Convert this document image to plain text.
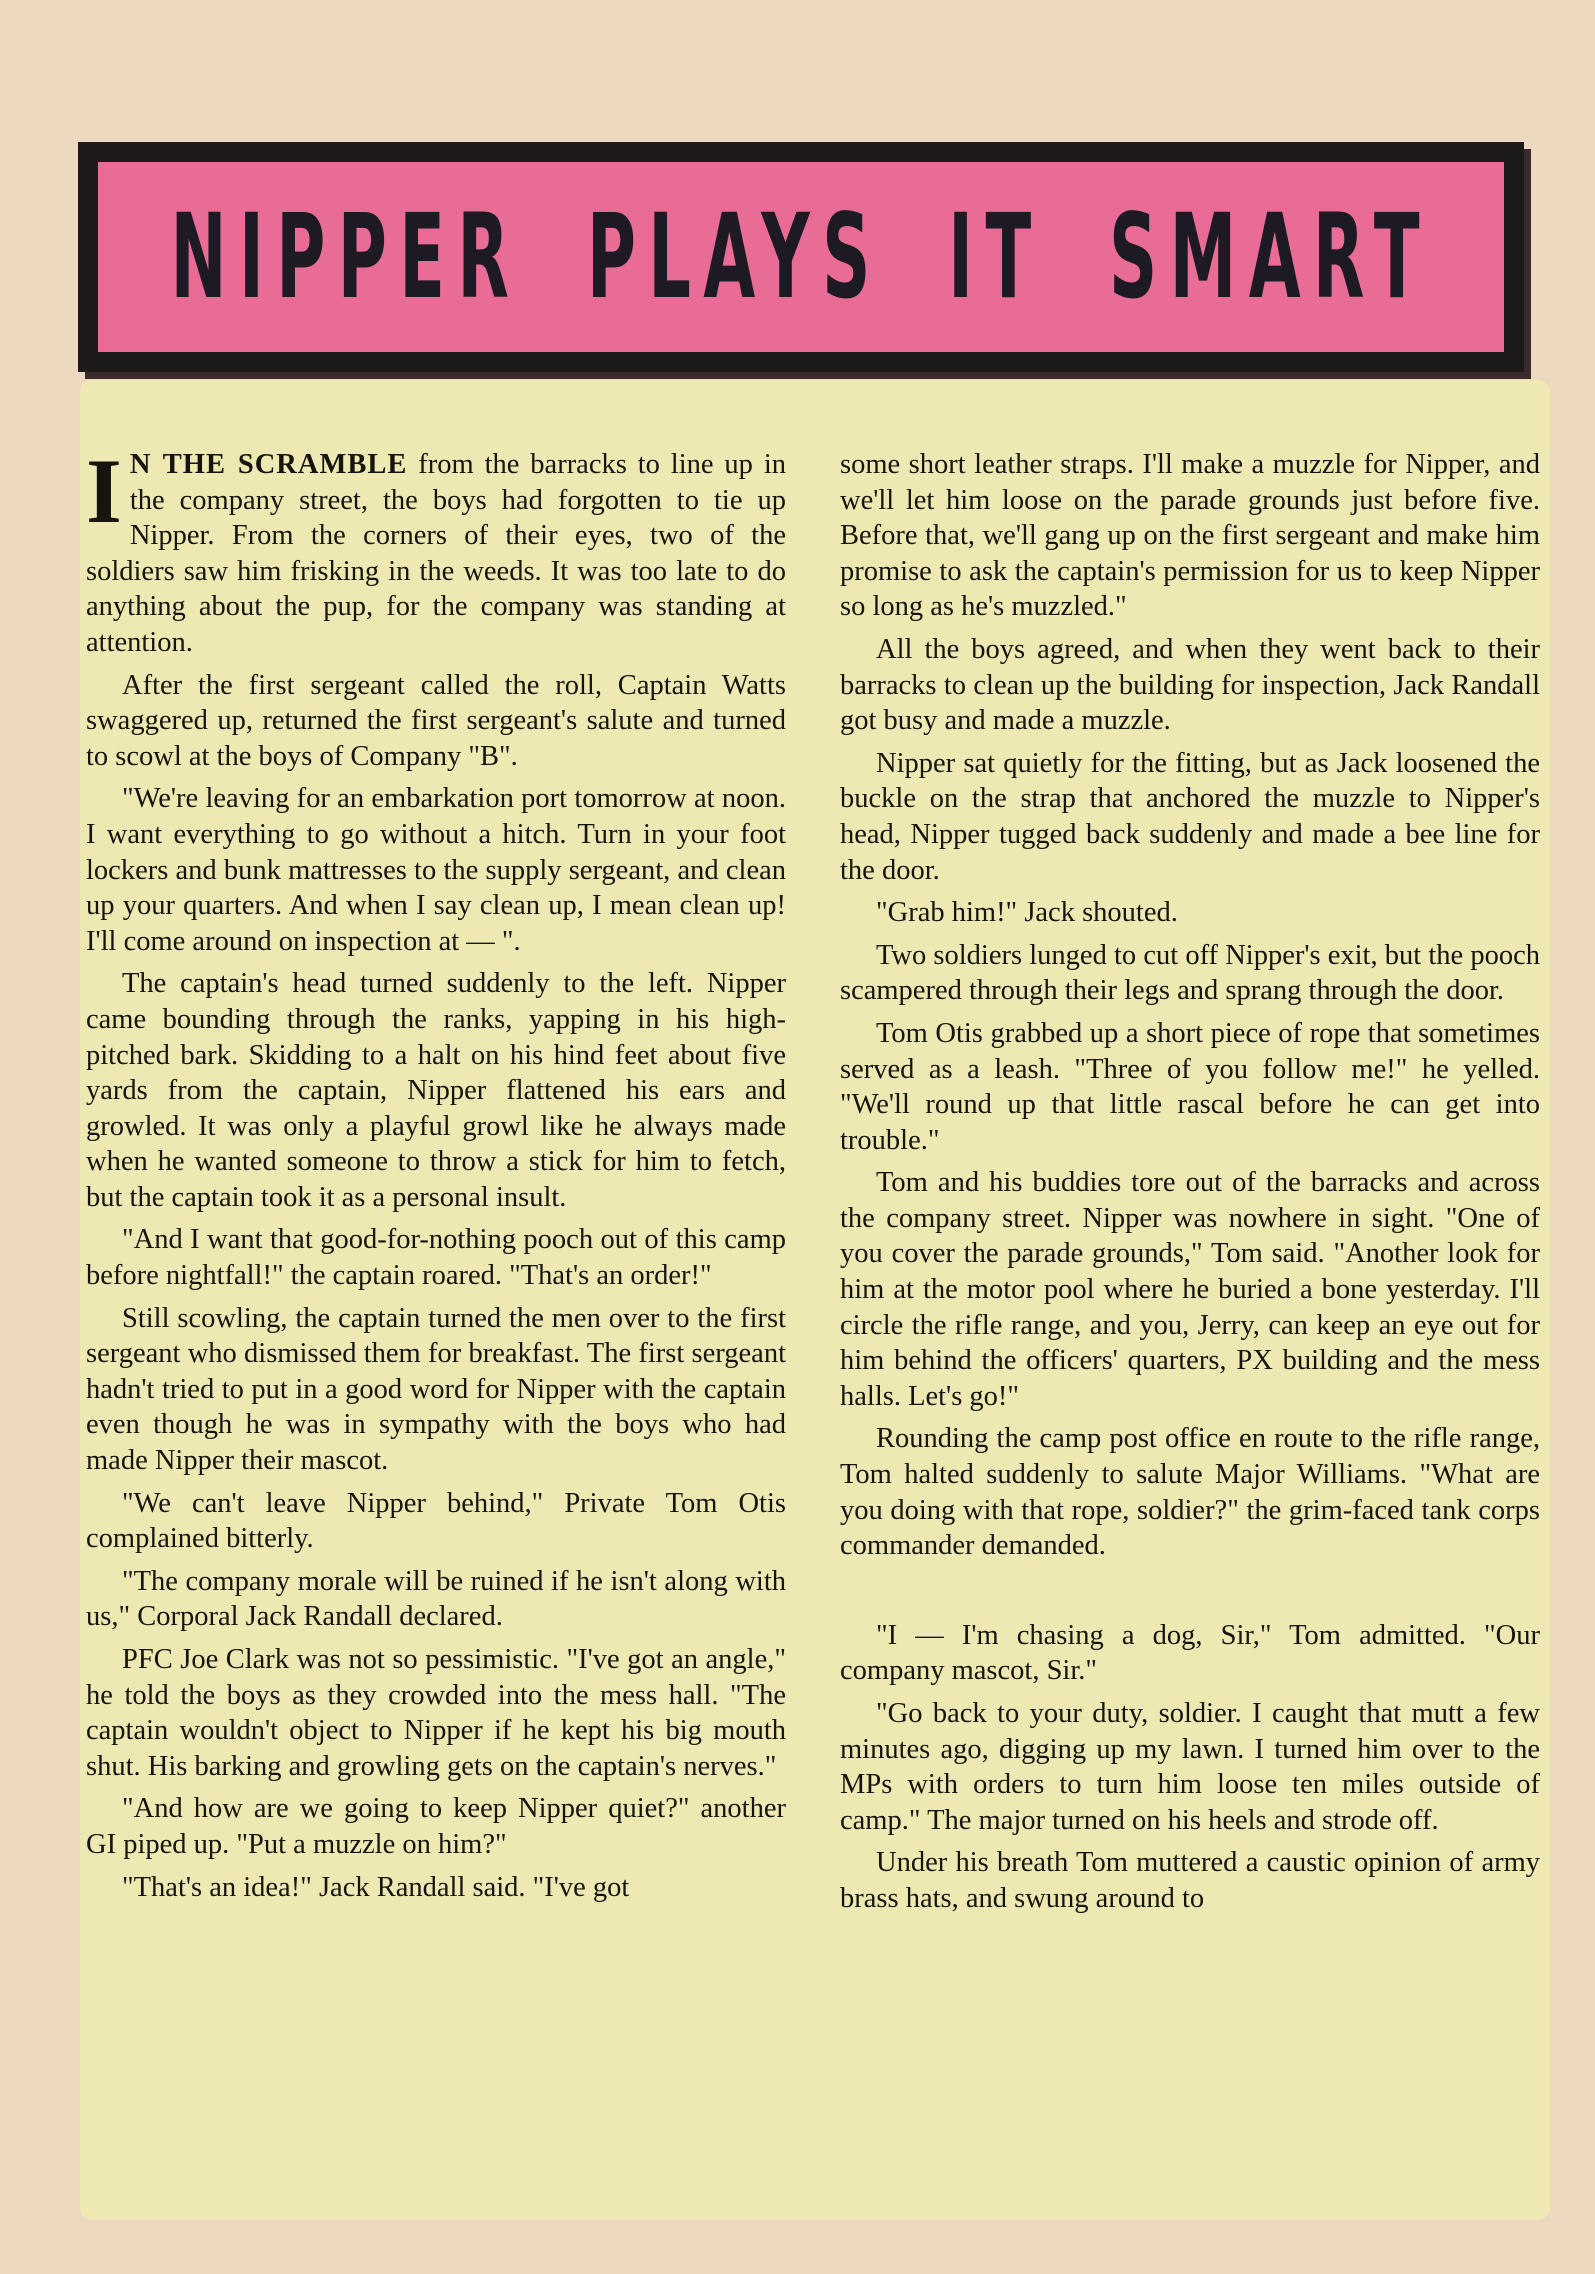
NIPPER PLAYS IT SMART

I N THE SCRAMBLE from the barracks to line up in the company street, the boys had forgotten to tie up Nipper. From the corners of their eyes, two of the soldiers saw him frisking in the weeds. It was too late to do anything about the pup, for the company was standing at attention.

After the first sergeant called the roll, Captain Watts swaggered up, returned the first sergeant's salute and turned to scowl at the boys of Company "B".

"We're leaving for an embarkation port tomorrow at noon. I want everything to go without a hitch. Turn in your foot lockers and bunk mattresses to the supply sergeant, and clean up your quarters. And when I say clean up, I mean clean up! I'll come around on inspection at — ".

The captain's head turned suddenly to the left. Nipper came bounding through the ranks, yapping in his high-pitched bark. Skidding to a halt on his hind feet about five yards from the captain, Nipper flattened his ears and growled. It was only a playful growl like he always made when he wanted someone to throw a stick for him to fetch, but the captain took it as a personal insult.

"And I want that good-for-nothing pooch out of this camp before nightfall!" the captain roared. "That's an order!"

Still scowling, the captain turned the men over to the first sergeant who dismissed them for breakfast. The first sergeant hadn't tried to put in a good word for Nipper with the captain even though he was in sympathy with the boys who had made Nipper their mascot.

"We can't leave Nipper behind," Private Tom Otis complained bitterly.

"The company morale will be ruined if he isn't along with us," Corporal Jack Randall declared.

PFC Joe Clark was not so pessimistic. "I've got an angle," he told the boys as they crowded into the mess hall. "The captain wouldn't object to Nipper if he kept his big mouth shut. His barking and growling gets on the captain's nerves."

"And how are we going to keep Nipper quiet?" another GI piped up. "Put a muzzle on him?"

"That's an idea!" Jack Randall said. "I've got

some short leather straps. I'll make a muzzle for Nipper, and we'll let him loose on the parade grounds just before five. Before that, we'll gang up on the first sergeant and make him promise to ask the captain's permission for us to keep Nipper so long as he's muzzled."

All the boys agreed, and when they went back to their barracks to clean up the building for inspection, Jack Randall got busy and made a muzzle.

Nipper sat quietly for the fitting, but as Jack loosened the buckle on the strap that anchored the muzzle to Nipper's head, Nipper tugged back suddenly and made a bee line for the door.

"Grab him!" Jack shouted.

Two soldiers lunged to cut off Nipper's exit, but the pooch scampered through their legs and sprang through the door.

Tom Otis grabbed up a short piece of rope that sometimes served as a leash. "Three of you follow me!" he yelled. "We'll round up that little rascal before he can get into trouble."

Tom and his buddies tore out of the barracks and across the company street. Nipper was nowhere in sight. "One of you cover the parade grounds," Tom said. "Another look for him at the motor pool where he buried a bone yesterday. I'll circle the rifle range, and you, Jerry, can keep an eye out for him behind the officers' quarters, PX building and the mess halls. Let's go!"

Rounding the camp post office en route to the rifle range, Tom halted suddenly to salute Major Williams. "What are you doing with that rope, soldier?" the grim-faced tank corps commander demanded.

"I — I'm chasing a dog, Sir," Tom admitted. "Our company mascot, Sir."

"Go back to your duty, soldier. I caught that mutt a few minutes ago, digging up my lawn. I turned him over to the MPs with orders to turn him loose ten miles outside of camp." The major turned on his heels and strode off.

Under his breath Tom muttered a caustic opinion of army brass hats, and swung around to
